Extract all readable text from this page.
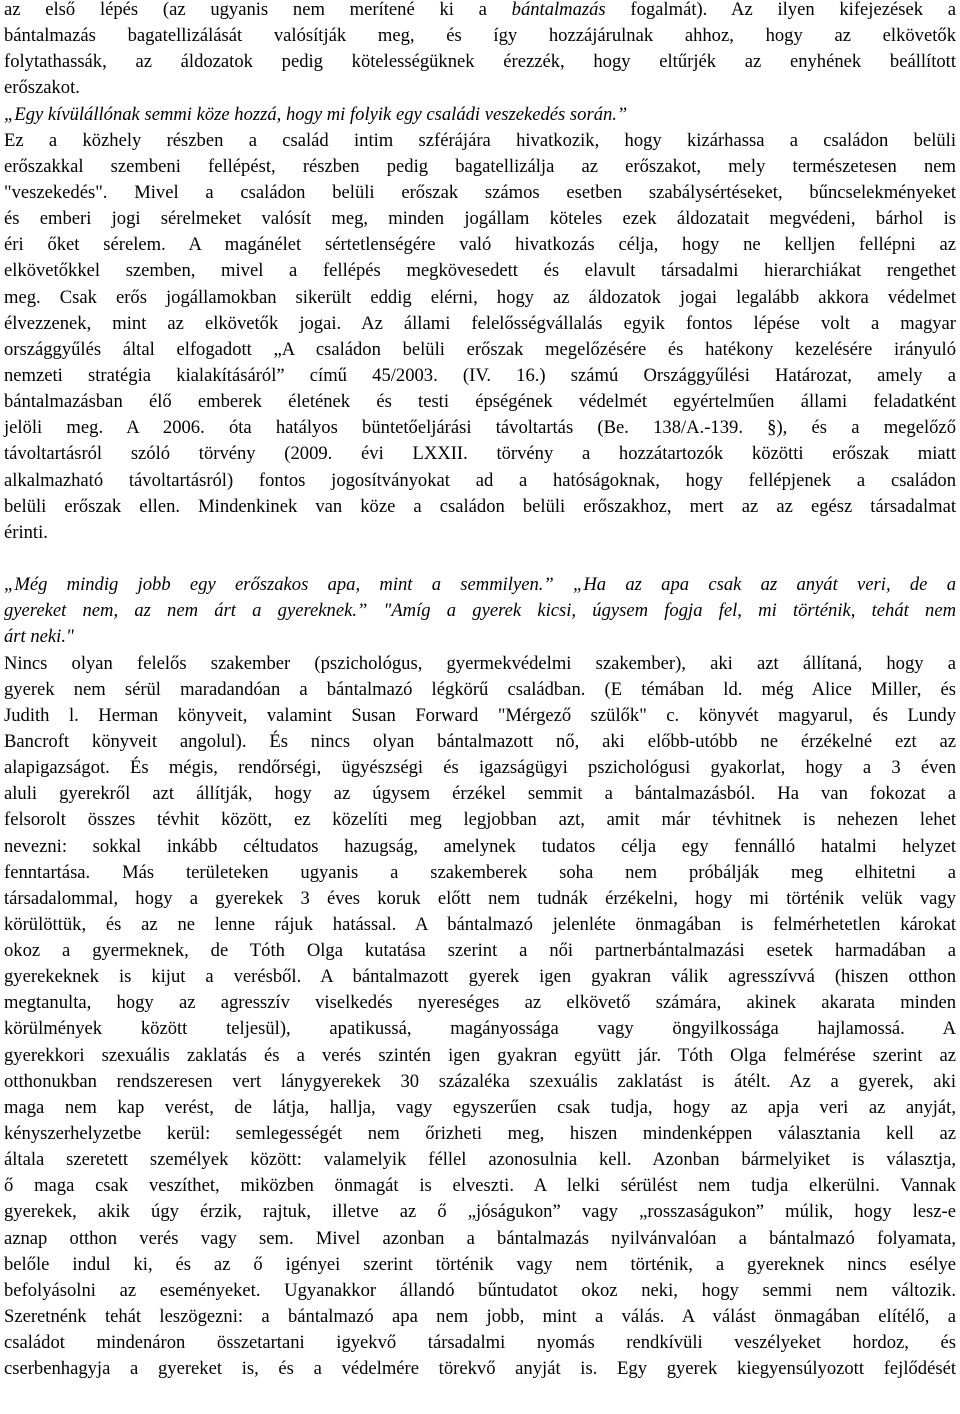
az első lépés (az ugyanis nem merítené ki a bántalmazás fogalmát). Az ilyen kifejezések a
bántalmazás bagatellizálását valósítják meg, és így hozzájárulnak ahhoz, hogy az elkövetők
folytathassák, az áldozatok pedig kötelességüknek érezzék, hogy eltűrjék az enyhének beállított
erőszakot.
„Egy kívülállónak semmi köze hozzá, hogy mi folyik egy családi veszekedés során.”
Ez a közhely részben a család intim szférájára hivatkozik, hogy kizárhassa a családon belüli
erőszakkal szembeni fellépést, részben pedig bagatellizálja az erőszakot, mely természetesen nem
"veszekedés". Mivel a családon belüli erőszak számos esetben szabálysértéseket, bűncselekményeket
és emberi jogi sérelmeket valósít meg, minden jogállam köteles ezek áldozatait megvédeni, bárhol is
éri őket sérelem. A magánélet sértetlenségére való hivatkozás célja, hogy ne kelljen fellépni az
elkövetőkkel szemben, mivel a fellépés megkövesedett és elavult társadalmi hierarchiákat rengethet
meg. Csak erős jogállamokban sikerült eddig elérni, hogy az áldozatok jogai legalább akkora védelmet
élvezzenek, mint az elkövetők jogai. Az állami felelősségvállalás egyik fontos lépése volt a magyar
országgyűlés által elfogadott „A családon belüli erőszak megelőzésére és hatékony kezelésére irányuló
nemzeti stratégia kialakításáról” című 45/2003. (IV. 16.) számú Országgyűlési Határozat, amely a
bántalmazásban élő emberek életének és testi épségének védelmét egyértelműen állami feladatként
jelöli meg. A 2006. óta hatályos büntetőeljárási távoltartás (Be. 138/A.-139. §), és a megelőző
távoltartásról szóló törvény (2009. évi LXXII. törvény a hozzátartozók közötti erőszak miatt
alkalmazható távoltartásról) fontos jogosítványokat ad a hatóságoknak, hogy fellépjenek a családon
belüli erőszak ellen. Mindenkinek van köze a családon belüli erőszakhoz, mert az az egész társadalmat
érinti.
„Még mindig jobb egy erőszakos apa, mint a semmilyen.” „Ha az apa csak az anyát veri, de a
gyereket nem, az nem árt a gyereknek.” "Amíg a gyerek kicsi, úgysem fogja fel, mi történik, tehát nem
árt neki."
Nincs olyan felelős szakember (pszichológus, gyermekvédelmi szakember), aki azt állítaná, hogy a
gyerek nem sérül maradandóan a bántalmazó légkörű családban. (E témában ld. még Alice Miller, és
Judith l. Herman könyveit, valamint Susan Forward "Mérgező szülők" c. könyvét magyarul, és Lundy
Bancroft könyveit angolul). És nincs olyan bántalmazott nő, aki előbb-utóbb ne érzékelné ezt az
alapigazságot. És mégis, rendőrségi, ügyészségi és igazságügyi pszichológusi gyakorlat, hogy a 3 éven
aluli gyerekről azt állítják, hogy az úgysem érzékel semmit a bántalmazásból. Ha van fokozat a
felsorolt összes tévhit között, ez közelíti meg legjobban azt, amit már tévhitnek is nehezen lehet
nevezni: sokkal inkább céltudatos hazugság, amelynek tudatos célja egy fennálló hatalmi helyzet
fenntartása. Más területeken ugyanis a szakemberek soha nem próbálják meg elhitetni a
társadalommal, hogy a gyerekek 3 éves koruk előtt nem tudnák érzékelni, hogy mi történik velük vagy
körülöttük, és az ne lenne rájuk hatással. A bántalmazó jelenléte önmagában is felmérhetetlen károkat
okoz a gyermeknek, de Tóth Olga kutatása szerint a női partnerbántalmazási esetek harmadában a
gyerekeknek is kijut a verésből. A bántalmazott gyerek igen gyakran válik agresszívvá (hiszen otthon
megtanulta, hogy az agresszív viselkedés nyereséges az elkövető számára, akinek akarata minden
körülmények között teljesül), apatikussá, magányossága vagy öngyilkossága hajlamossá. A
gyerekkori szexuális zaklatás és a verés szintén igen gyakran együtt jár. Tóth Olga felmérése szerint az
otthonukban rendszeresen vert lánygyerekek 30 százaléka szexuális zaklatást is átélt. Az a gyerek, aki
maga nem kap verést, de látja, hallja, vagy egyszerűen csak tudja, hogy az apja veri az anyját,
kényszerhelyzetbe kerül: semlegességét nem őrizheti meg, hiszen mindenképpen választania kell az
általa szeretett személyek között: valamelyik féllel azonosulnia kell. Azonban bármelyiket is választja,
ő maga csak veszíthet, miközben önmagát is elveszti. A lelki sérülést nem tudja elkerülni. Vannak
gyerekek, akik úgy érzik, rajtuk, illetve az ő „jóságukon” vagy „rosszaságukon” múlik, hogy lesz-e
aznap otthon verés vagy sem. Mivel azonban a bántalmazás nyilvánvalóan a bántalmazó folyamata,
belőle indul ki, és az ő igényei szerint történik vagy nem történik, a gyereknek nincs esélye
befolyásolni az eseményeket. Ugyanakkor állandó bűntudatot okoz neki, hogy semmi nem változik.
Szeretnénk tehát leszögezni: a bántalmazó apa nem jobb, mint a válás. A válást önmagában elítélő, a
családot mindenáron összetartani igyekvő társadalmi nyomás rendkívüli veszélyeket hordoz, és
cserbenhagyja a gyereket is, és a védelmére törekvő anyját is. Egy gyerek kiegyensúlyozott fejlődését
